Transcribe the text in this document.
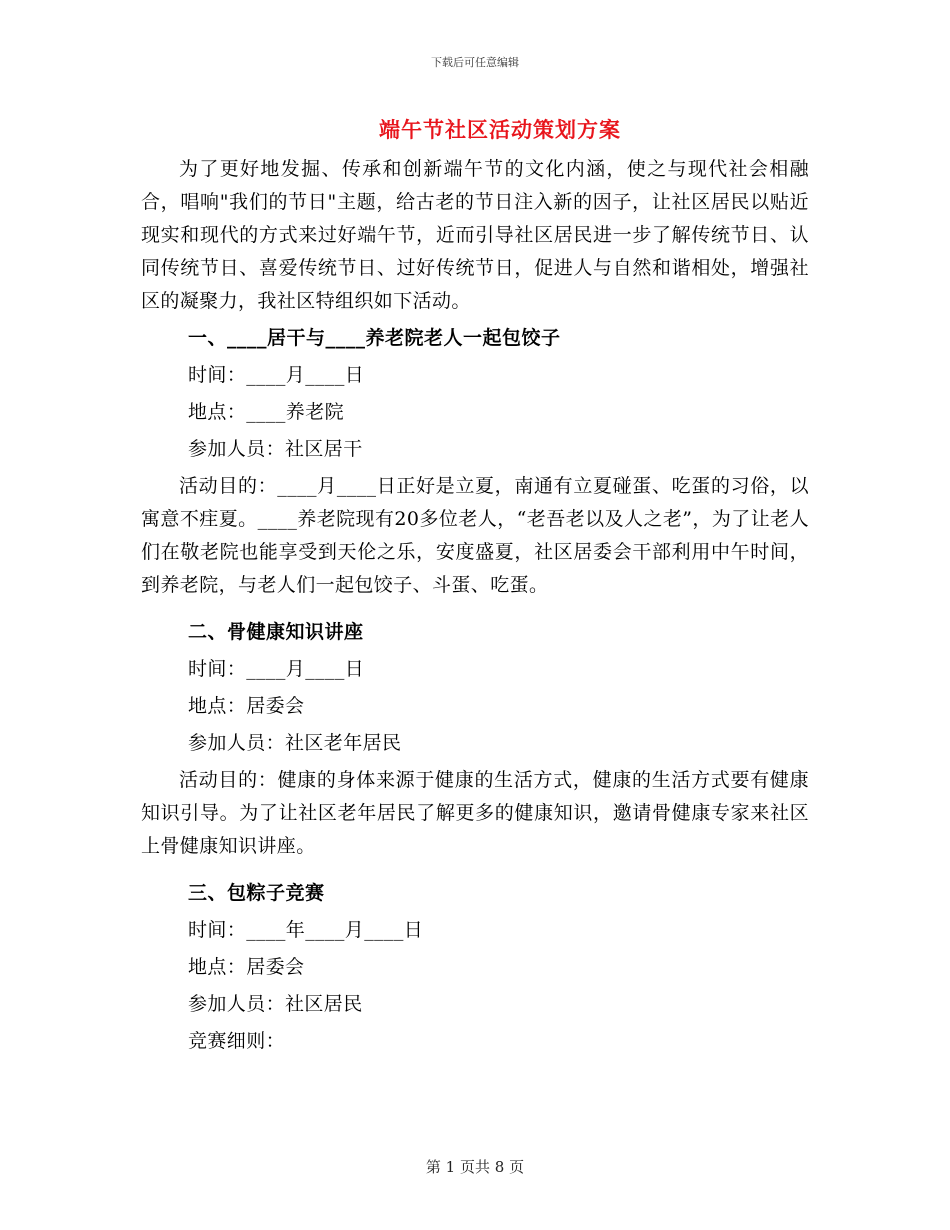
下载后可任意编辑
端午节社区活动策划方案

为了更好地发掘、传承和创新端午节的文化内涵，使之与现代社会相融合，唱响"我们的节日"主题，给古老的节日注入新的因子，让社区居民以贴近现实和现代的方式来过好端午节，近而引导社区居民进一步了解传统节日、认同传统节日、喜爱传统节日、过好传统节日，促进人与自然和谐相处，增强社区的凝聚力，我社区特组织如下活动。

一、____居干与____养老院老人一起包饺子

时间：____月____日

地点：____养老院

参加人员：社区居干

活动目的：____月____日正好是立夏，南通有立夏碰蛋、吃蛋的习俗，以寓意不疰夏。____养老院现有20多位老人，“老吾老以及人之老”，为了让老人们在敬老院也能享受到天伦之乐，安度盛夏，社区居委会干部利用中午时间，到养老院，与老人们一起包饺子、斗蛋、吃蛋。

二、骨健康知识讲座

时间：____月____日

地点：居委会

参加人员：社区老年居民

活动目的：健康的身体来源于健康的生活方式，健康的生活方式要有健康知识引导。为了让社区老年居民了解更多的健康知识，邀请骨健康专家来社区上骨健康知识讲座。

三、包粽子竞赛

时间：____年____月____日

地点：居委会

参加人员：社区居民

竞赛细则：

第 1 页共 8 页
